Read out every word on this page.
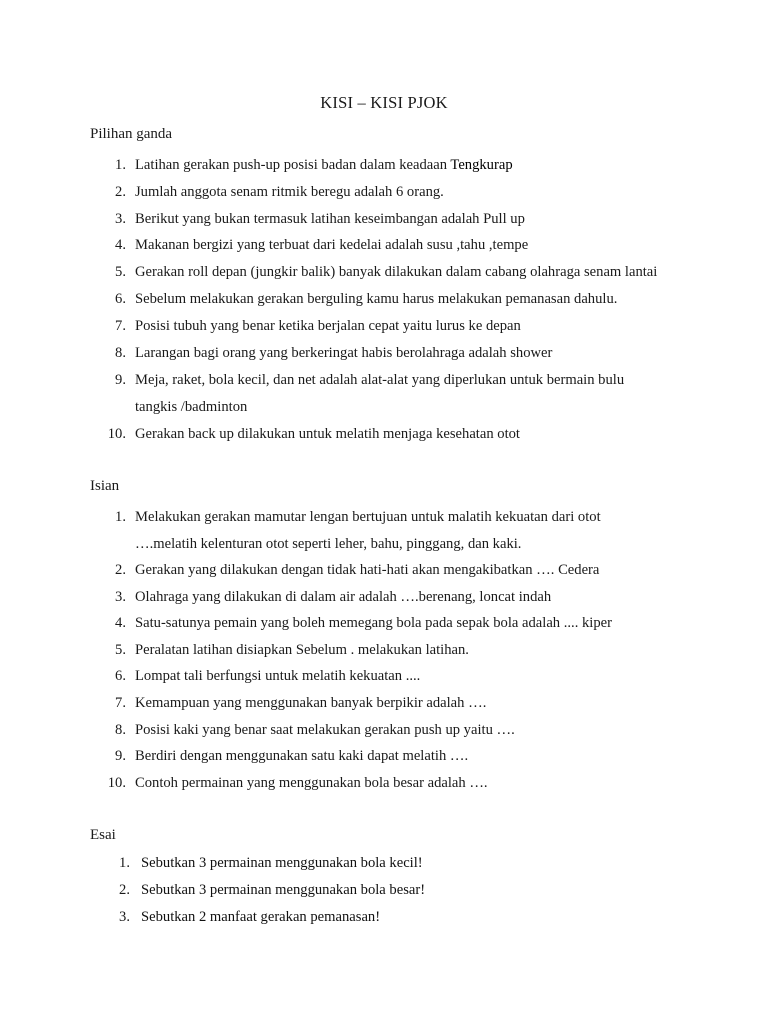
KISI – KISI PJOK
Pilihan ganda
1. Latihan gerakan push-up posisi badan dalam keadaan Tengkurap
2. Jumlah anggota senam ritmik beregu adalah 6 orang.
3. Berikut yang bukan termasuk latihan keseimbangan adalah Pull up
4. Makanan bergizi yang terbuat dari kedelai adalah susu ,tahu ,tempe
5. Gerakan roll depan (jungkir balik) banyak dilakukan dalam cabang olahraga senam lantai
6. Sebelum melakukan gerakan berguling kamu harus melakukan pemanasan dahulu.
7. Posisi tubuh yang benar ketika berjalan cepat yaitu lurus ke depan
8. Larangan bagi orang yang berkeringat habis berolahraga adalah shower
9. Meja, raket, bola kecil, dan net adalah alat-alat yang diperlukan untuk bermain bulu
tangkis /badminton
10. Gerakan back up dilakukan untuk melatih menjaga kesehatan otot
Isian
1. Melakukan gerakan mamutar lengan bertujuan untuk malatih kekuatan dari otot
….melatih kelenturan otot seperti leher, bahu, pinggang, dan kaki.
2. Gerakan yang dilakukan dengan tidak hati-hati akan mengakibatkan …. Cedera
3. Olahraga yang dilakukan di dalam air adalah ….berenang, loncat indah
4. Satu-satunya pemain yang boleh memegang bola pada sepak bola adalah .... kiper
5. Peralatan latihan disiapkan Sebelum . melakukan latihan.
6. Lompat tali berfungsi untuk melatih kekuatan ....
7. Kemampuan yang menggunakan banyak berpikir adalah ….
8. Posisi kaki yang benar saat melakukan gerakan push up yaitu ….
9. Berdiri dengan menggunakan satu kaki dapat melatih ….
10. Contoh permainan yang menggunakan bola besar adalah ….
Esai
1. Sebutkan 3 permainan menggunakan bola kecil!
2. Sebutkan 3 permainan menggunakan bola besar!
3. Sebutkan 2 manfaat gerakan pemanasan!
